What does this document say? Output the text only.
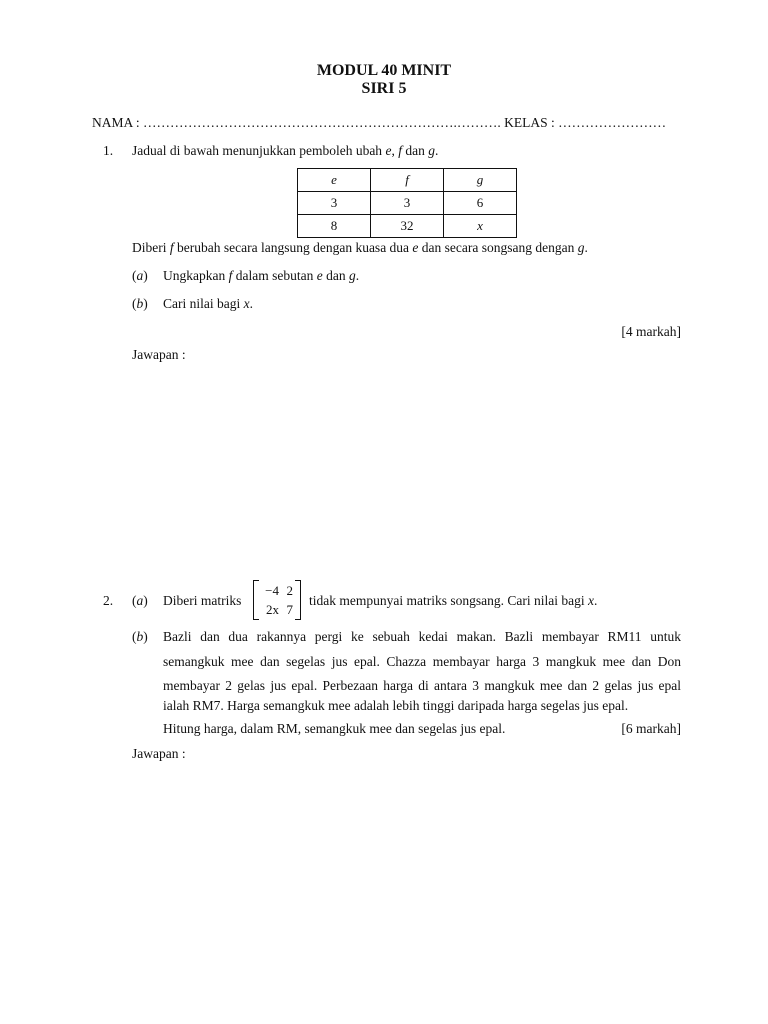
MODUL 40 MINIT
SIRI 5
NAMA : …………………………………………………………….………. KELAS : ……………………
1. Jadual di bawah menunjukkan pemboleh ubah e, f dan g.
e	f	g
3	3	6
8	32	x
Diberi f berubah secara langsung dengan kuasa dua e dan secara songsang dengan g.
(a) Ungkapkan f dalam sebutan e dan g.
(b) Cari nilai bagi x.
[4 markah]
Jawapan :
2. (a) Diberi matriks
−4 2
2x 7
tidak mempunyai matriks songsang. Cari nilai bagi x.
(b) Bazli dan dua rakannya pergi ke sebuah kedai makan. Bazli membayar RM11 untuk
semangkuk mee dan segelas jus epal. Chazza membayar harga 3 mangkuk mee dan Don
membayar 2 gelas jus epal. Perbezaan harga di antara 3 mangkuk mee dan 2 gelas jus epal
ialah RM7. Harga semangkuk mee adalah lebih tinggi daripada harga segelas jus epal.
Hitung harga, dalam RM, semangkuk mee dan segelas jus epal.	[6 markah]
Jawapan :
